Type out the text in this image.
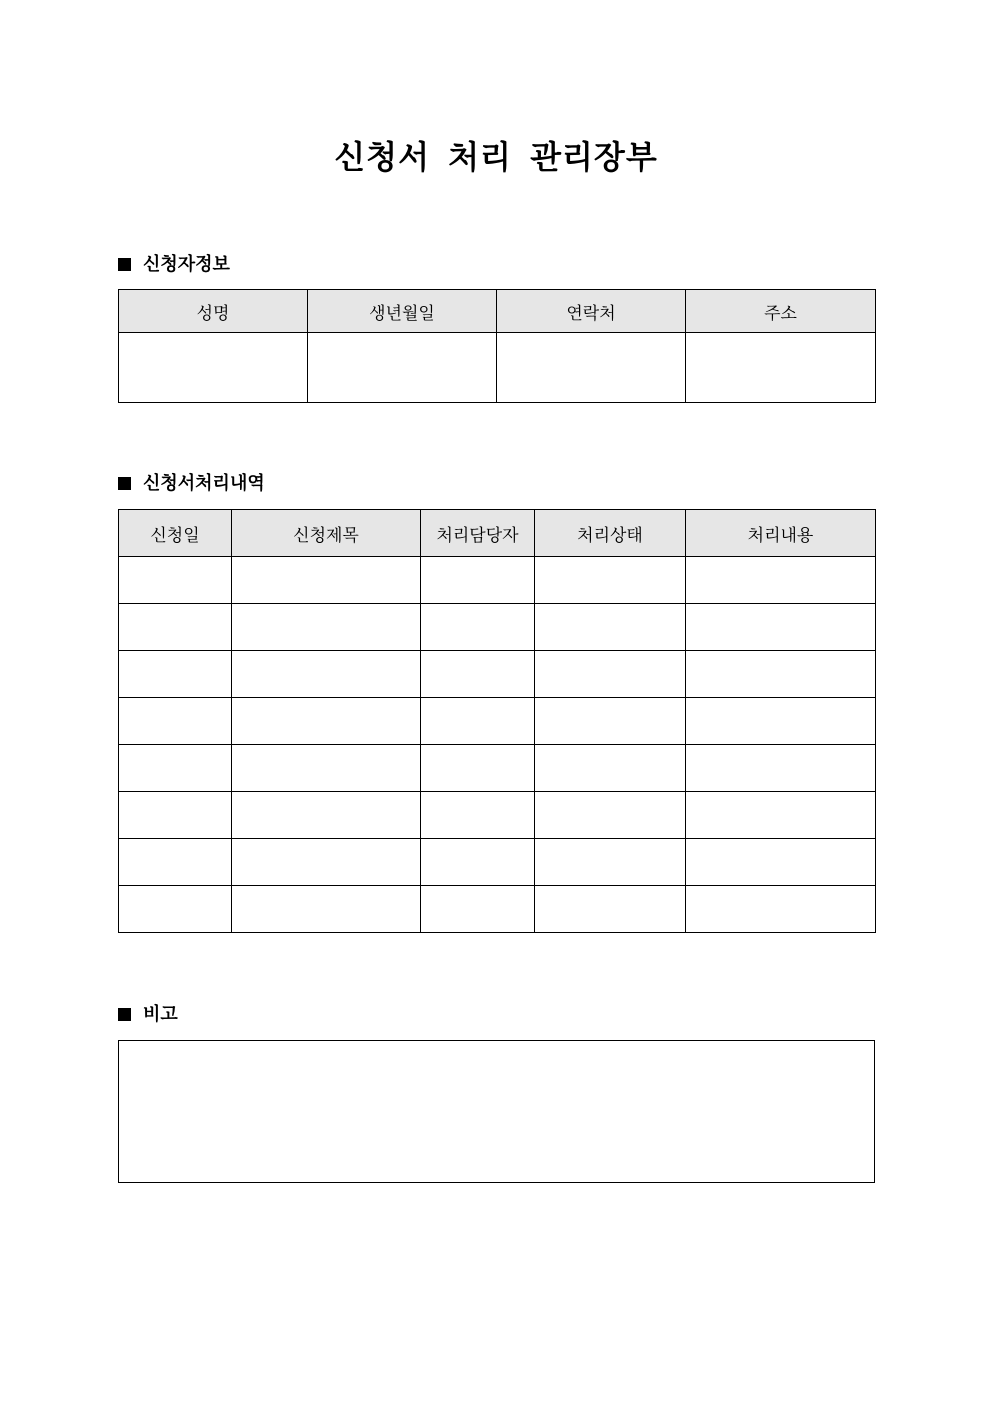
신청서 처리 관리장부
신청자정보
성명	생년월일	연락처	주소

신청서처리내역
신청일	신청제목	처리담당자	처리상태	처리내용

비고
